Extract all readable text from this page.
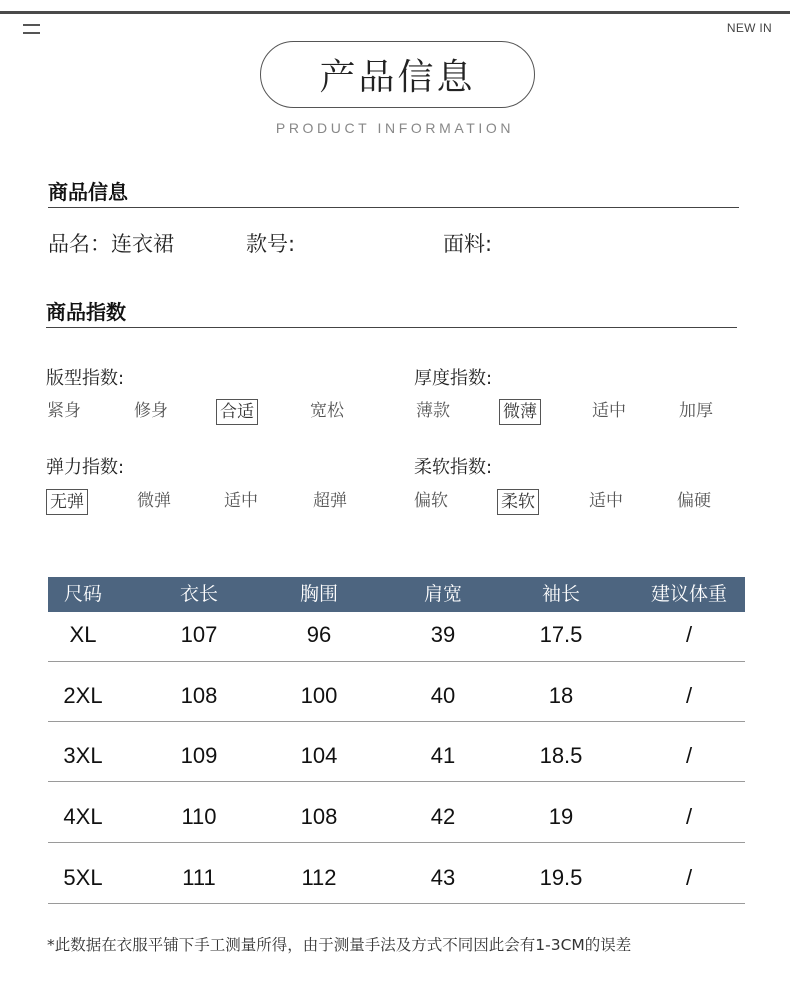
NEW IN
产品信息
PRODUCT INFORMATION
商品信息
品名：连衣裙	款号:	面料:
商品指数
版型指数:
紧身	修身	合适	宽松
厚度指数:
薄款	微薄	适中	加厚
弹力指数:
无弹	微弹	适中	超弹
柔软指数:
偏软	柔软	适中	偏硬
尺码	衣长	胸围	肩宽	袖长	建议体重
XL	107	96	39	17.5	/
2XL	108	100	40	18	/
3XL	109	104	41	18.5	/
4XL	110	108	42	19	/
5XL	111	112	43	19.5	/
*此数据在衣服平铺下手工测量所得，由于测量手法及方式不同因此会有1-3CM的误差
